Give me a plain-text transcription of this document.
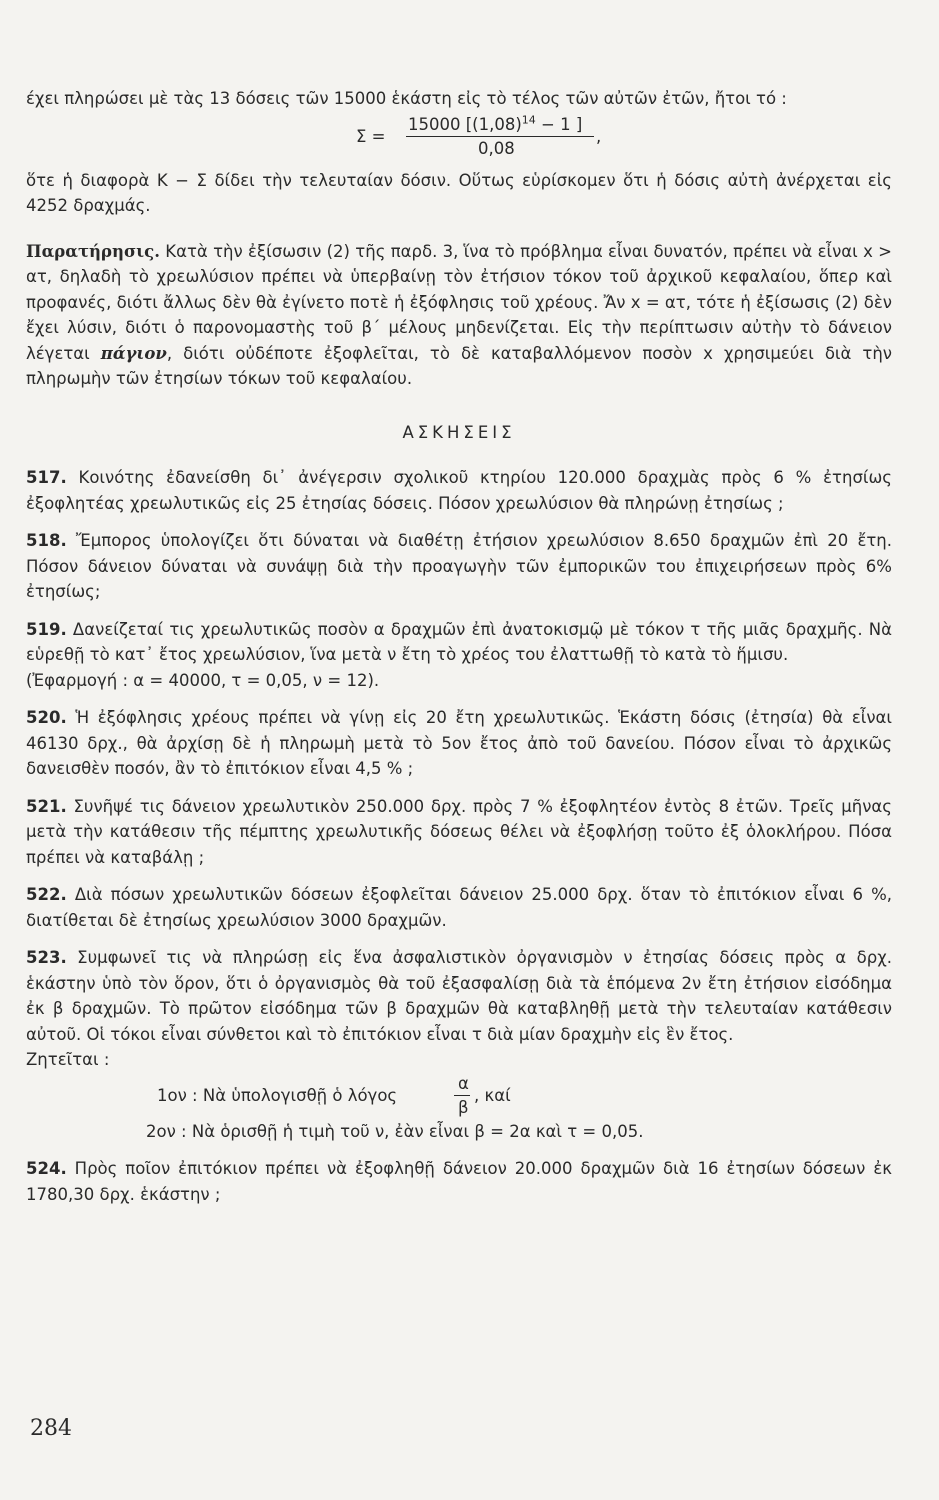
έχει πληρώσει μὲ τὰς 13 δόσεις τῶν 15000 ἑκάστη εἰς τὸ τέλος τῶν αὐτῶν ἐτῶν, ἤτοι τό :

Σ =
15000 [$(1,08)^{14} - 1$ ]
0,08
,

ὅτε ἡ διαφορὰ Κ − Σ δίδει τὴν τελευταίαν δόσιν. Οὕτως εὑρίσκομεν ὅτι ἡ δόσις αὐτὴ ἀνέρχεται εἰς 4252 δραχμάς.

Παρατήρησις. Κατὰ τὴν ἐξίσωσιν (2) τῆς παρδ. 3, ἵνα τὸ πρόβλημα εἶναι δυνατόν, πρέπει νὰ εἶναι x > ατ, δηλαδὴ τὸ χρεωλύσιον πρέπει νὰ ὑπερβαίνῃ τὸν ἐτήσιον τόκον τοῦ ἀρχικοῦ κεφαλαίου, ὅπερ καὶ προφανές, διότι ἄλλως δὲν θὰ ἐγίνετο ποτὲ ἡ ἐξόφλησις τοῦ χρέους. Ἄν x = ατ, τότε ἡ ἐξίσωσις (2) δὲν ἔχει λύσιν, διότι ὁ παρονομαστὴς τοῦ β΄ μέλους μηδενίζεται. Εἰς τὴν περίπτωσιν αὐτὴν τὸ δάνειον λέγεται πάγιον, διότι οὐδέποτε ἐξοφλεῖται, τὸ δὲ καταβαλλόμενον ποσὸν x χρησιμεύει διὰ τὴν πληρωμὴν τῶν ἐτησίων τόκων τοῦ κεφαλαίου.

ΑΣΚΗΣΕΙΣ

517. Κοινότης ἐδανείσθη δι᾽ ἀνέγερσιν σχολικοῦ κτηρίου 120.000 δραχμὰς πρὸς 6 % ἐτησίως ἐξοφλητέας χρεωλυτικῶς εἰς 25 ἐτησίας δόσεις. Πόσον χρεωλύσιον θὰ πληρώνῃ ἐτησίως ;

518. Ἔμπορος ὑπολογίζει ὅτι δύναται νὰ διαθέτῃ ἐτήσιον χρεωλύσιον 8.650 δραχμῶν ἐπὶ 20 ἔτη. Πόσον δάνειον δύναται νὰ συνάψῃ διὰ τὴν προαγωγὴν τῶν ἐμπορικῶν του ἐπιχειρήσεων πρὸς 6% ἐτησίως;

519. Δανείζεταί τις χρεωλυτικῶς ποσὸν α δραχμῶν ἐπὶ ἀνατοκισμῷ μὲ τόκον τ τῆς μιᾶς δραχμῆς. Νὰ εὑρεθῇ τὸ κατ᾽ ἔτος χρεωλύσιον, ἵνα μετὰ ν ἔτη τὸ χρέος του ἐλαττωθῇ τὸ κατὰ τὸ ἥμισυ.

(Ἐφαρμογή : α = 40000, τ = 0,05, ν = 12).

520. Ἡ ἐξόφλησις χρέους πρέπει νὰ γίνῃ εἰς 20 ἔτη χρεωλυτικῶς. Ἑκάστη δόσις (ἐτησία) θὰ εἶναι 46130 δρχ., θὰ ἀρχίσῃ δὲ ἡ πληρωμὴ μετὰ τὸ 5ον ἔτος ἀπὸ τοῦ δανείου. Πόσον εἶναι τὸ ἀρχικῶς δανεισθὲν ποσόν, ἂν τὸ ἐπιτόκιον εἶναι 4,5 % ;

521. Συνῆψέ τις δάνειον χρεωλυτικὸν 250.000 δρχ. πρὸς 7 % ἐξοφλητέον ἐντὸς 8 ἐτῶν. Τρεῖς μῆνας μετὰ τὴν κατάθεσιν τῆς πέμπτης χρεωλυτικῆς δόσεως θέλει νὰ ἐξοφλήσῃ τοῦτο ἐξ ὁλοκλήρου. Πόσα πρέπει νὰ καταβάλῃ ;

522. Διὰ πόσων χρεωλυτικῶν δόσεων ἐξοφλεῖται δάνειον 25.000 δρχ. ὅταν τὸ ἐπιτόκιον εἶναι 6 %, διατίθεται δὲ ἐτησίως χρεωλύσιον 3000 δραχμῶν.

523. Συμφωνεῖ τις νὰ πληρώσῃ εἰς ἕνα ἀσφαλιστικὸν ὀργανισμὸν ν ἐτησίας δόσεις πρὸς α δρχ. ἑκάστην ὑπὸ τὸν ὅρον, ὅτι ὁ ὀργανισμὸς θὰ τοῦ ἐξασφαλίσῃ διὰ τὰ ἑπόμενα 2ν ἔτη ἐτήσιον εἰσόδημα ἐκ β δραχμῶν. Τὸ πρῶτον εἰσόδημα τῶν β δραχμῶν θὰ καταβληθῇ μετὰ τὴν τελευταίαν κατάθεσιν αὐτοῦ. Οἱ τόκοι εἶναι σύνθετοι καὶ τὸ ἐπιτόκιον εἶναι τ διὰ μίαν δραχμὴν εἰς ἓν ἔτος.

Ζητεῖται :

1ον : Νὰ ὑπολογισθῇ ὁ λόγος
α
β
, καί

2ον : Νὰ ὁρισθῇ ἡ τιμὴ τοῦ ν, ἐὰν εἶναι β = 2α καὶ τ = 0,05.

524. Πρὸς ποῖον ἐπιτόκιον πρέπει νὰ ἐξοφληθῇ δάνειον 20.000 δραχμῶν διὰ 16 ἐτησίων δόσεων ἐκ 1780,30 δρχ. ἑκάστην ;

284
